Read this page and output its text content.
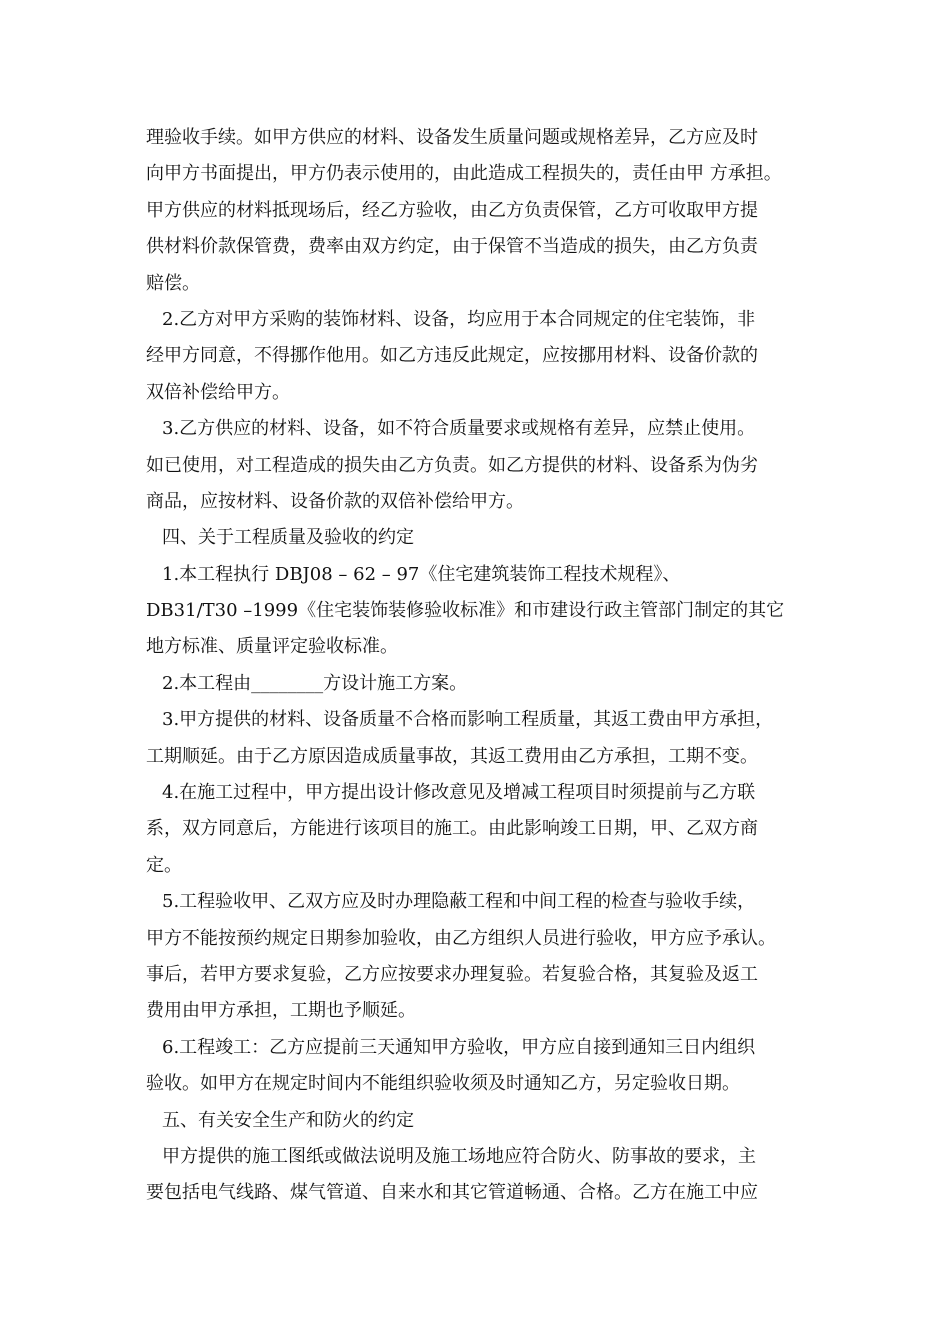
理验收手续。如甲方供应的材料、设备发生质量问题或规格差异，乙方应及时
向甲方书面提出，甲方仍表示使用的，由此造成工程损失的，责任由甲 方承担。
甲方供应的材料抵现场后，经乙方验收，由乙方负责保管，乙方可收取甲方提
供材料价款保管费，费率由双方约定，由于保管不当造成的损失，由乙方负责
赔偿。
2.乙方对甲方采购的装饰材料、设备，均应用于本合同规定的住宅装饰，非
经甲方同意，不得挪作他用。如乙方违反此规定，应按挪用材料、设备价款的
双倍补偿给甲方。
3.乙方供应的材料、设备，如不符合质量要求或规格有差异，应禁止使用。
如已使用，对工程造成的损失由乙方负责。如乙方提供的材料、设备系为伪劣
商品，应按材料、设备价款的双倍补偿给甲方。
四、关于工程质量及验收的约定
1.本工程执行 DBJ08 – 62 – 97《住宅建筑装饰工程技术规程》、
DB31/T30 –1999《住宅装饰装修验收标准》和市建设行政主管部门制定的其它
地方标准、质量评定验收标准。
2.本工程由________方设计施工方案。
3.甲方提供的材料、设备质量不合格而影响工程质量，其返工费由甲方承担，
工期顺延。由于乙方原因造成质量事故，其返工费用由乙方承担，工期不变。
4.在施工过程中，甲方提出设计修改意见及增减工程项目时须提前与乙方联
系，双方同意后，方能进行该项目的施工。由此影响竣工日期，甲、乙双方商
定。
5.工程验收甲、乙双方应及时办理隐蔽工程和中间工程的检查与验收手续，
甲方不能按预约规定日期参加验收，由乙方组织人员进行验收，甲方应予承认。
事后，若甲方要求复验，乙方应按要求办理复验。若复验合格，其复验及返工
费用由甲方承担，工期也予顺延。
6.工程竣工：乙方应提前三天通知甲方验收，甲方应自接到通知三日内组织
验收。如甲方在规定时间内不能组织验收须及时通知乙方，另定验收日期。
五、有关安全生产和防火的约定
甲方提供的施工图纸或做法说明及施工场地应符合防火、防事故的要求，主
要包括电气线路、煤气管道、自来水和其它管道畅通、合格。乙方在施工中应
